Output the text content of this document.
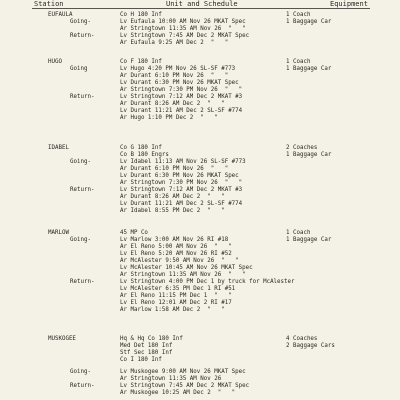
Station	Unit and Schedule	Equipment
EUFAULA	Co H 180 Inf	1 Coach
Going-	Lv Eufaula 10:00 AM Nov 26 MKAT Spec	1 Baggage Car
Ar Stringtown 11:35 AM Nov 26  "   "
Return-	Lv Stringtown 7:45 AM Dec 2 MKAT Spec
Ar Eufaula 9:25 AM Dec 2  "   "
HUGO	Co F 180 Inf	1 Coach
Going	Lv Hugo 4:20 PM Nov 26 SL-SF #773	1 Baggage Car
Ar Durant 6:10 PM Nov 26  "   "
Lv Durant 6:30 PM Nov 26 MKAT Spec
Ar Stringtown 7:30 PM Nov 26  "   "
Return-	Lv Stringtown 7:12 AM Dec 2 MKAT #3
Ar Durant 8:26 AM Dec 2  "   "
Lv Durant 11:21 AM Dec 2 SL-SF #774
Ar Hugo 1:10 PM Dec 2  "   "
IDABEL	Co G 180 Inf	2 Coaches
Co B 180 Engrs	1 Baggage Car
Going-	Lv Idabel 11:13 AM Nov 26 SL-SF #773
Ar Durant 6:10 PM Nov 26  "   "
Lv Durant 6:30 PM Nov 26 MKAT Spec
Ar Stringtown 7:30 PM Nov 26  "   "
Return-	Lv Stringtown 7:12 AM Dec 2 MKAT #3
Ar Durant 8:26 AM Dec 2  "   "
Lv Durant 11:21 AM Dec 2 SL-SF #774
Ar Idabel 8:55 PM Dec 2  "   "
MARLOW	45 MP Co	1 Coach
Going-	Lv Marlow 3:00 AM Nov 26 RI #18	1 Baggage Car
Ar El Reno 5:00 AM Nov 26  "   "
Lv El Reno 5:20 AM Nov 26 RI #52
Ar McAlester 9:50 AM Nov 26  "   "
Lv McAlester 10:45 AM Nov 26 MKAT Spec
Ar Stringtown 11:35 AM Nov 26  "   "
Return-	Lv Stringtown 4:00 PM Dec 1 by truck for McAlester
Lv McAlester 6:35 PM Dec 1 RI #51
Ar El Reno 11:15 PM Dec 1  "   "
Lv El Reno 12:01 AM Dec 2 RI #17
Ar Marlow 1:58 AM Dec 2  "   "
MUSKOGEE	Hq & Hq Co 180 Inf	4 Coaches
Med Det 180 Inf	2 Baggage Cars
Stf Sec 180 Inf
Co I 180 Inf
Going-	Lv Muskogee 9:00 AM Nov 26 MKAT Spec
Ar Stringtown 11:35 AM Nov 26
Return-	Lv Stringtown 7:45 AM Dec 2 MKAT Spec
Ar Muskogee 10:25 AM Dec 2  "   "
